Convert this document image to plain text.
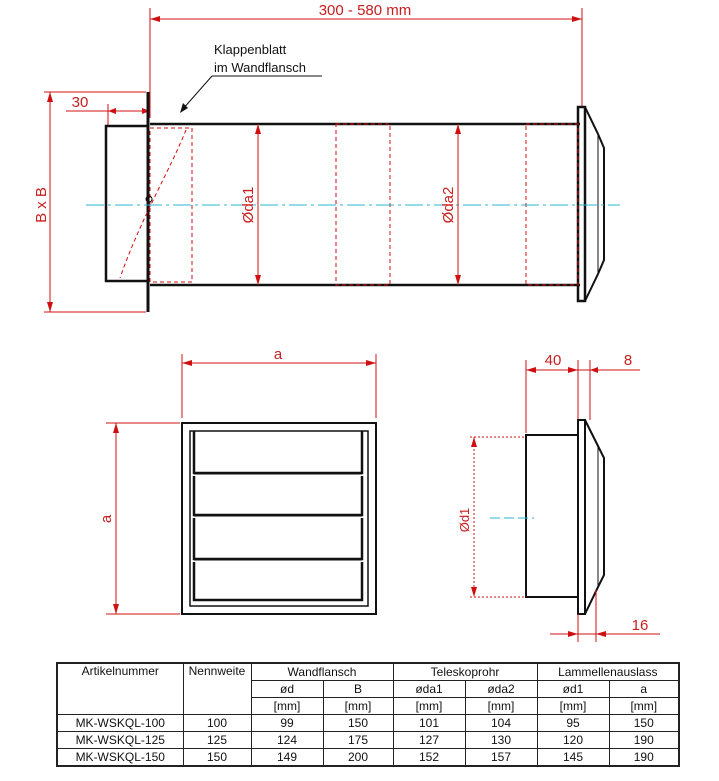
300 - 580 mm
30
B x B	Ødа1	Ødа2
Klappenblatt
im Wandflansch
a
a
40	8
Ød1
16
Artikelnummer	Nennweite	Wandflansch		Teleskoprohr		Lammellenauslass	
		ød	B	øda1	øda2	ød1	a
		[mm]	[mm]	[mm]	[mm]	[mm]	[mm]
MK-WSKQL-100	100	99	150	101	104	95	150
MK-WSKQL-125	125	124	175	127	130	120	190
MK-WSKQL-150	150	149	200	152	157	145	190
